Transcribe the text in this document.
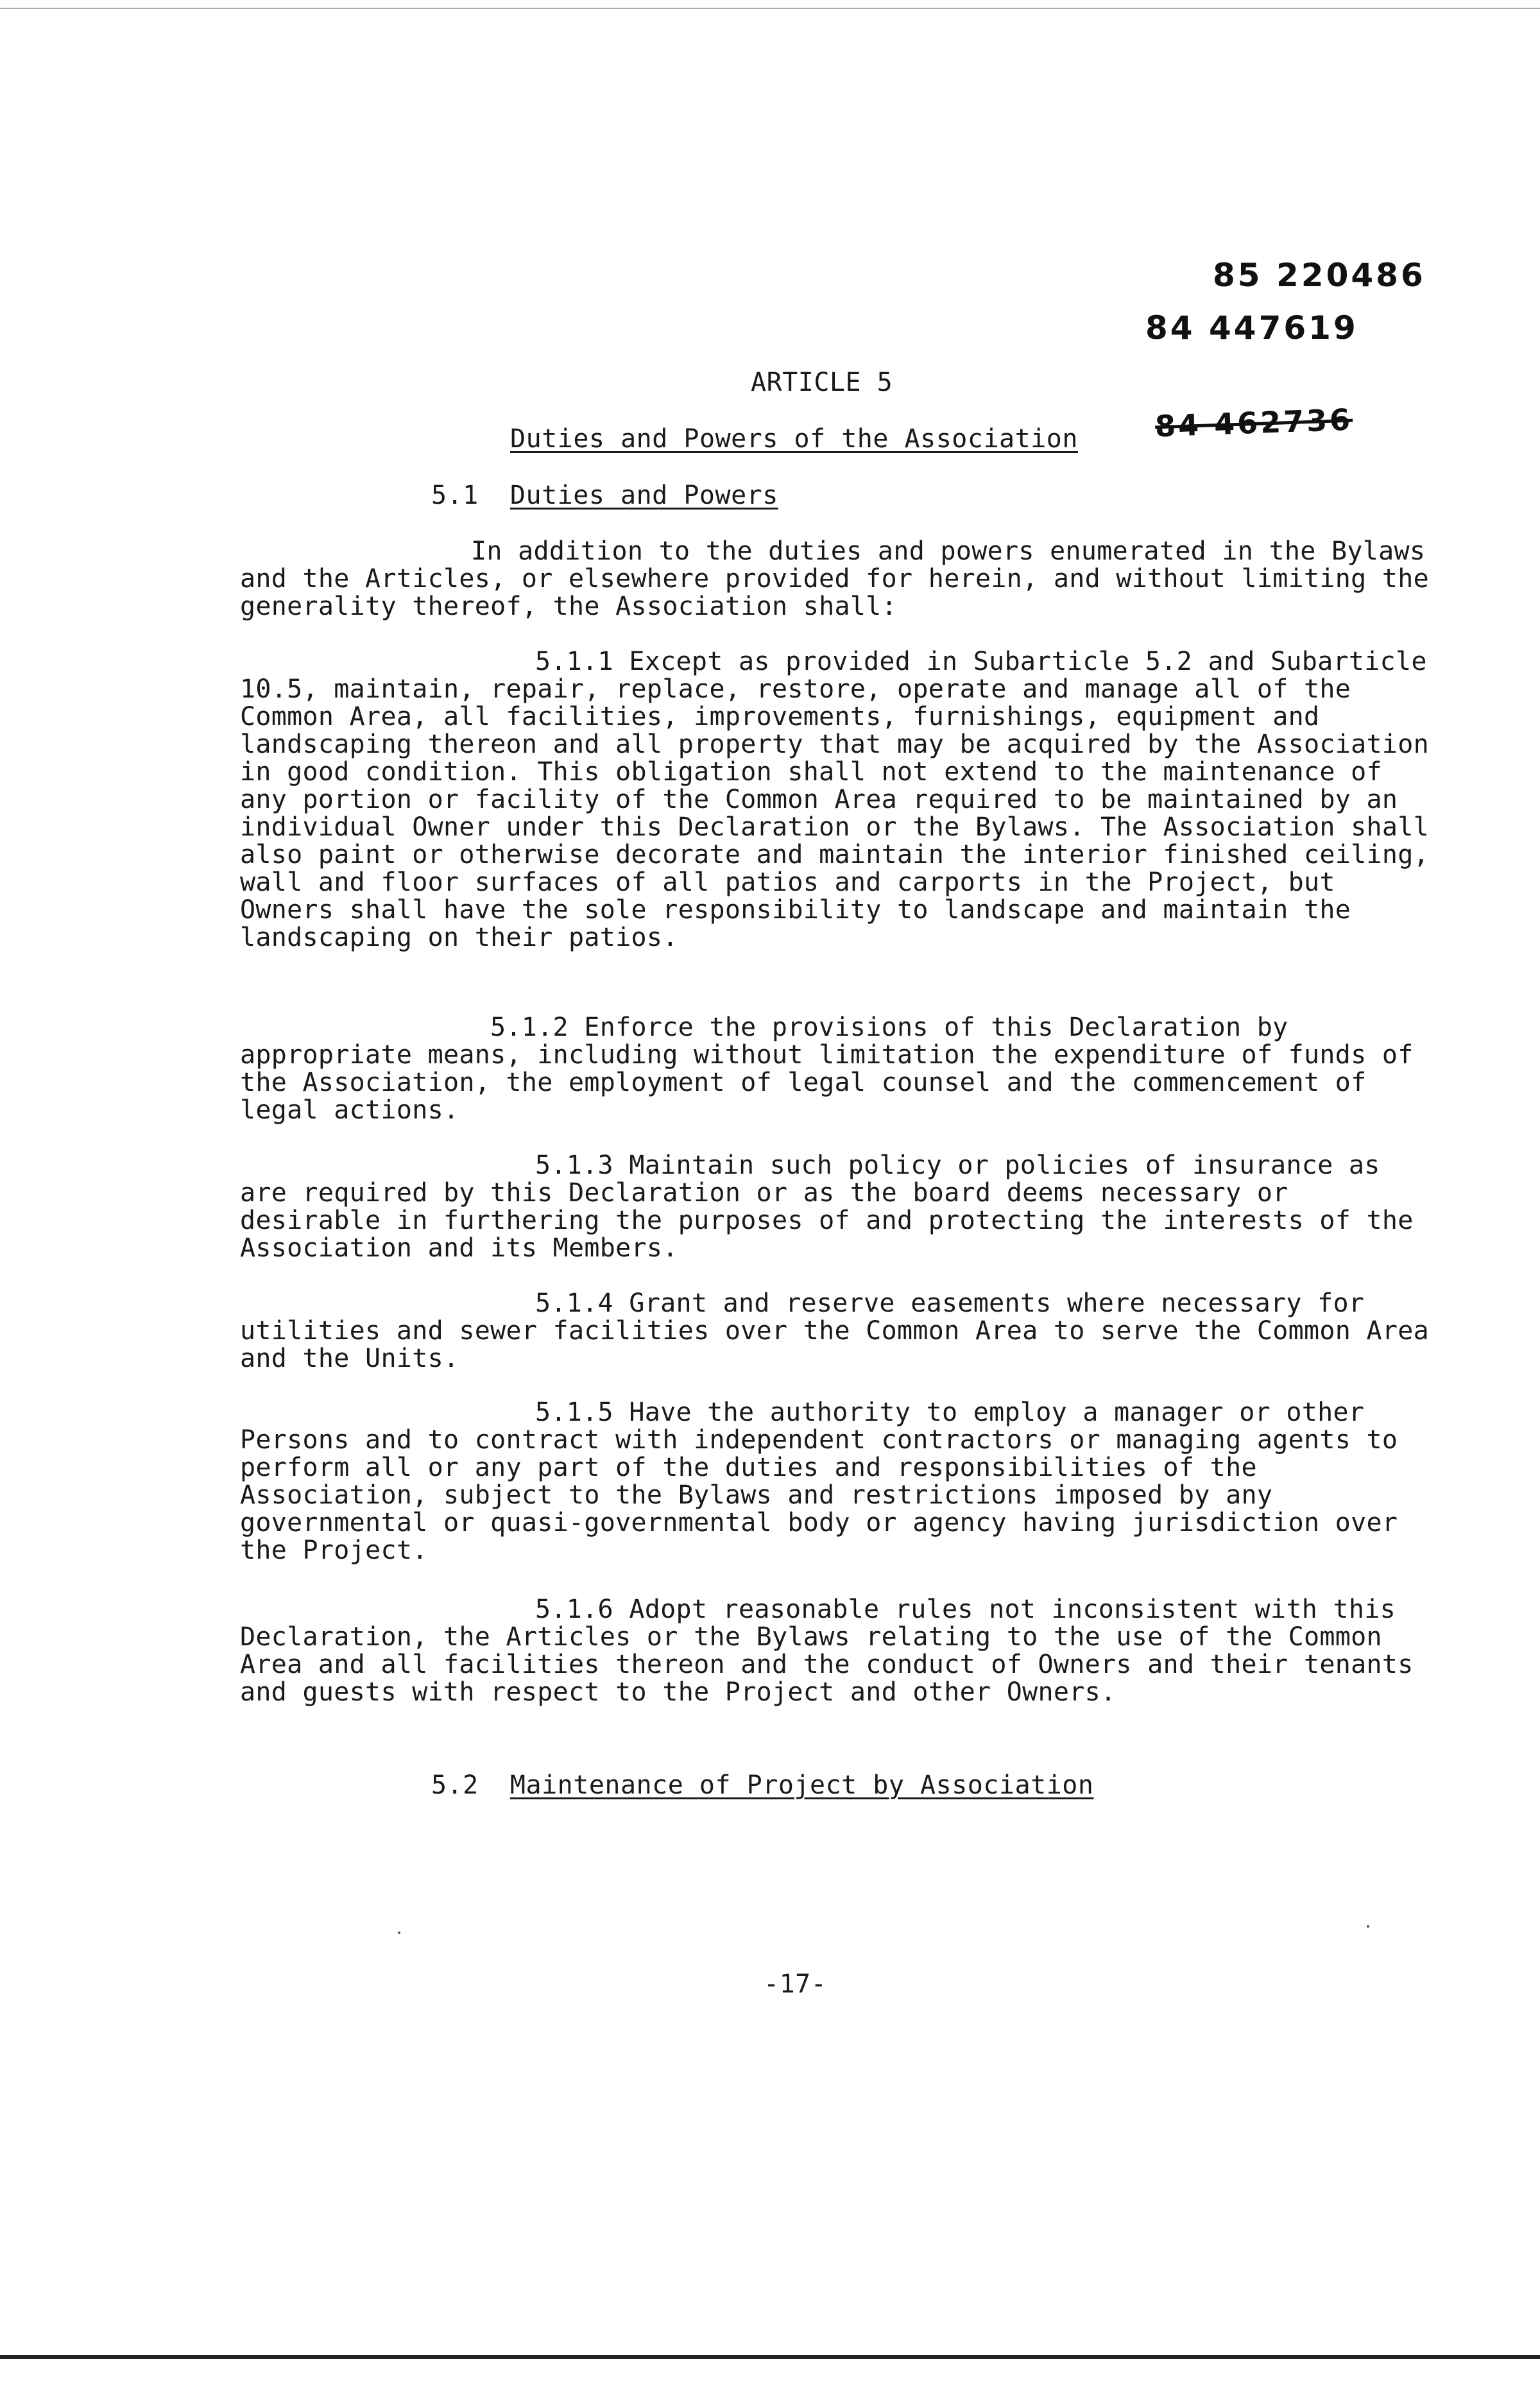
85 220486
84 447619
84 462736
ARTICLE 5
Duties and Powers of the Association
5.1 Duties and Powers

In addition to the duties and powers enumerated in the Bylaws and the Articles, or elsewhere provided for herein, and without limiting the generality thereof, the Association shall:

5.1.1 Except as provided in Subarticle 5.2 and Subarticle 10.5, maintain, repair, replace, restore, operate and manage all of the Common Area, all facilities, improvements, furnishings, equipment and landscaping thereon and all property that may be acquired by the Association in good condition. This obligation shall not extend to the maintenance of any portion or facility of the Common Area required to be maintained by an individual Owner under this Declaration or the Bylaws. The Association shall also paint or otherwise decorate and maintain the interior finished ceiling, wall and floor surfaces of all patios and carports in the Project, but Owners shall have the sole responsibility to landscape and maintain the landscaping on their patios.

5.1.2 Enforce the provisions of this Declaration by appropriate means, including without limitation the expenditure of funds of the Association, the employment of legal counsel and the commencement of legal actions.

5.1.3 Maintain such policy or policies of insurance as are required by this Declaration or as the board deems necessary or desirable in furthering the purposes of and protecting the interests of the Association and its Members.

5.1.4 Grant and reserve easements where necessary for utilities and sewer facilities over the Common Area to serve the Common Area and the Units.

5.1.5 Have the authority to employ a manager or other Persons and to contract with independent contractors or managing agents to perform all or any part of the duties and responsibilities of the Association, subject to the Bylaws and restrictions imposed by any governmental or quasi-governmental body or agency having jurisdiction over the Project.

5.1.6 Adopt reasonable rules not inconsistent with this Declaration, the Articles or the Bylaws relating to the use of the Common Area and all facilities thereon and the conduct of Owners and their tenants and guests with respect to the Project and other Owners.

5.2 Maintenance of Project by Association
-17-
